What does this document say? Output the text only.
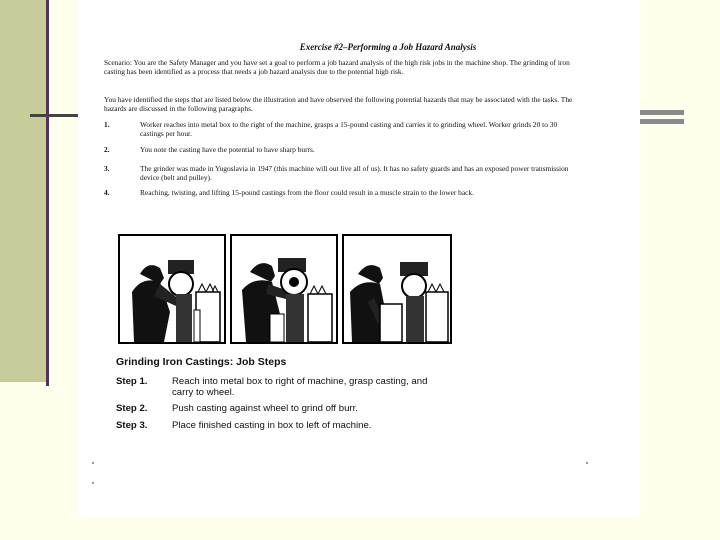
Exercise #2–Performing a Job Hazard Analysis
Scenario: You are the Safety Manager and you have set a goal to perform a job hazard analysis of the high risk jobs in the machine shop. The grinding of iron casting has been identified as a process that needs a job hazard analysis due to the potential high risk.
You have identified the steps that are listed below the illustration and have observed the following potential hazards that may be associated with the tasks. The hazards are discussed in the following paragraphs.
1.	Worker reaches into metal box to the right of the machine, grasps a 15-pound casting and carries it to grinding wheel. Worker grinds 20 to 30 castings per hour.
2.	You note the casting have the potential to have sharp burrs.
3.	The grinder was made in Yugoslavia in 1947 (this machine will out live all of us). It has no safety guards and has an exposed power transmission device (belt and pulley).
4.	Reaching, twisting, and lifting 15-pound castings from the floor could result in a muscle strain to the lower back.
Grinding Iron Castings: Job Steps
Step 1.	Reach into metal box to right of machine, grasp casting, and carry to wheel.
Step 2.	Push casting against wheel to grind off burr.
Step 3.	Place finished casting in box to left of machine.
